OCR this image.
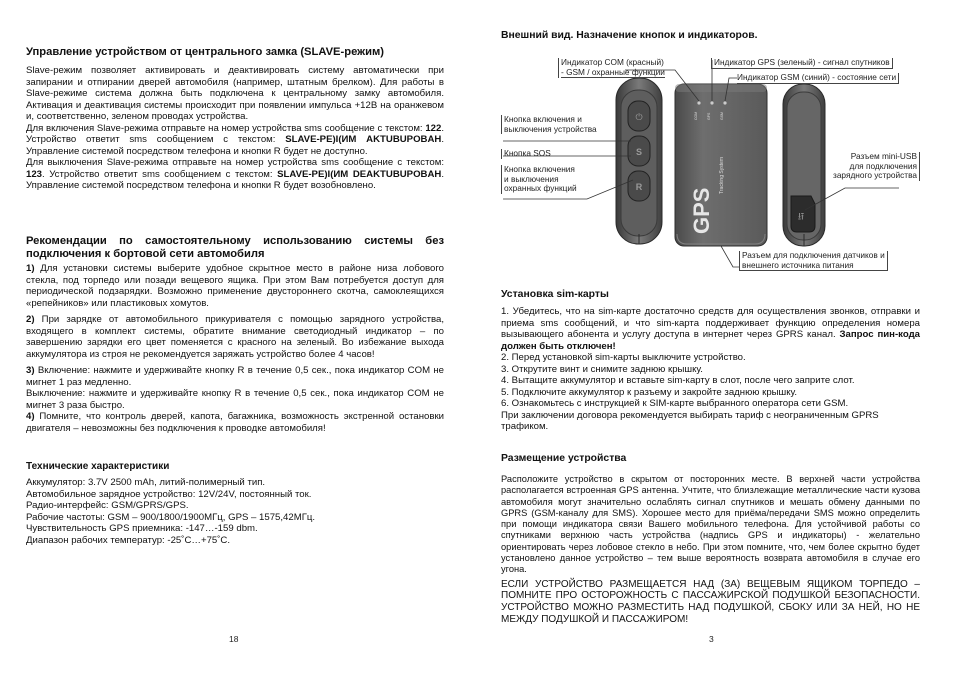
Управление устройством от центрального замка (SLAVE-режим)

Slave-режим позволяет активировать и деактивировать систему автоматически при запирании и отпирании дверей автомобиля (например, штатным брелком). Для работы в Slave-режиме система должна быть подключена к центральному замку автомобиля. Активация и деактивация системы происходит при появлении импульса +12В на оранжевом и, соответственно, зеленом проводах устройства.

Для включения Slave-режима отправьте на номер устройства sms сообщение с текстом: 122. Устройство ответит sms сообщением с текстом: SLAVE-PE)I(ИМ AKTUBUPOBAH. Управление системой посредством телефона и кнопки R будет не доступно.

Для выключения Slave-режима отправьте на номер устройства sms сообщение с текстом: 123. Устройство ответит sms сообщением с текстом: SLAVE-PE)I(ИМ DEAKTUBUPOBAH. Управление системой посредством телефона и кнопки R будет возобновлено.

Рекомендации по самостоятельному использованию системы без подключения к бортовой сети автомобиля

1) Для установки системы выберите удобное скрытное место в районе низа лобового стекла, под торпедо или позади вещевого ящика. При этом Вам потребуется доступ для периодической подзарядки. Возможно применение двустороннего скотча, самоклеящихся «репейников» или пластиковых хомутов.

2) При зарядке от автомобильного прикуривателя с помощью зарядного устройства, входящего в комплект системы, обратите внимание светодиодный индикатор – по завершению зарядки его цвет поменяется с красного на зеленый. Во избежание выхода аккумулятора из строя не рекомендуется заряжать устройство более 4 часов!

3) Включение: нажмите и удерживайте кнопку R в течение 0,5 сек., пока индикатор COM не мигнет 1 раз медленно.

Выключение: нажмите и удерживайте кнопку R в течение 0,5 сек., пока индикатор COM не мигнет 3 раза быстро.

4) Помните, что контроль дверей, капота, багажника, возможность экстренной остановки двигателя – невозможны без подключения к проводке автомобиля!

Технические характеристики

Аккумулятор: 3.7V 2500 mAh, литий-полимерный тип.

Автомобильное зарядное устройство: 12V/24V, постоянный ток.

Радио-интерфейс: GSM/GPRS/GPS.

Рабочие частоты: GSM – 900/1800/1900МГц, GPS – 1575,42МГц.

Чувствительность GPS приемника: -147…-159 dbm.

Диапазон рабочих температур: -25˚C…+75˚C.

18
Внешний вид. Назначение кнопок и индикаторов.
⏻
S
R
COM	GPS	GSM
GPS
Tracking System
⭿
Индикатор COM (красный)
- GSM / охранные функции
Индикатор GPS (зеленый) - сигнал спутников
Индикатор GSM (синий) - состояние сети
Кнопка включения и
выключения устройства
Кнопка SOS
Кнопка включения
и выключения
охранных функций
Разъем mini-USB
для подключения
зарядного устройства
Разъем для подключения датчиков и
внешнего источника питания
Установка sim-карты

1. Убедитесь, что на sim-карте достаточно средств для осуществления звонков, отправки и приема sms сообщений, и что sim-карта поддерживает функцию определения номера вызывающего абонента и услугу доступа в интернет через GPRS канал. Запрос пин-кода должен быть отключен!

2. Перед установкой sim-карты выключите устройство.

3. Открутите винт и снимите заднюю крышку.

4. Вытащите аккумулятор и вставьте sim-карту в слот, после чего заприте слот.

5. Подключите аккумулятор к разъему и закройте заднюю крышку.

6. Ознакомьтесь с инструкцией к SIM-карте выбранного оператора сети GSM.

При заключении договора рекомендуется выбирать тариф с неограниченным GPRS трафиком.

Размещение устройства

Расположите устройство в скрытом от посторонних месте. В верхней части устройства располагается встроенная GPS антенна. Учтите, что близлежащие металлические части кузова автомобиля могут значительно ослаблять сигнал спутников и мешать обмену данными по GPRS (GSM-каналу для SMS). Хорошее место для приёма/передачи SMS можно определить при помощи индикатора связи Вашего мобильного телефона. Для устойчивой работы со спутниками верхнюю часть устройства (надпись GPS и индикаторы) - желательно ориентировать через лобовое стекло в небо. При этом помните, что, чем более скрытно будет установлено данное устройство – тем выше вероятность возврата автомобиля в случае его угона.

ЕСЛИ УСТРОЙСТВО РАЗМЕЩАЕТСЯ НАД (ЗА) ВЕЩЕВЫМ ЯЩИКОМ ТОРПЕДО – ПОМНИТЕ ПРО ОСТОРОЖНОСТЬ С ПАССАЖИРСКОЙ ПОДУШКОЙ БЕЗОПАСНОСТИ. УСТРОЙСТВО МОЖНО РАЗМЕСТИТЬ НАД ПОДУШКОЙ, СБОКУ ИЛИ ЗА НЕЙ, НО НЕ МЕЖДУ ПОДУШКОЙ И ПАССАЖИРОМ!

3
